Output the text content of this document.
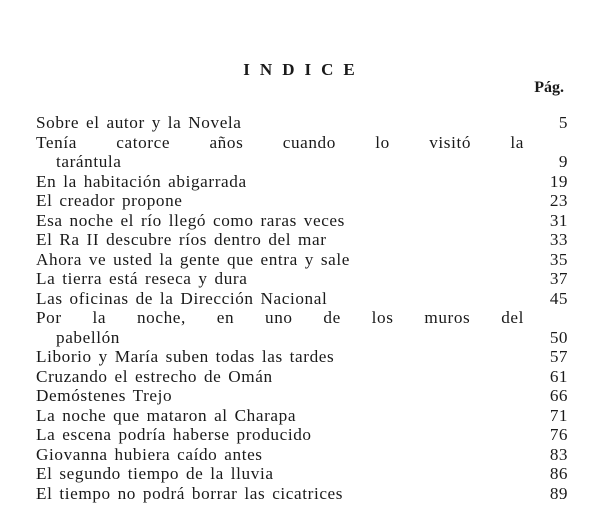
INDICE
Pág.
Sobre el autor y la Novela	5
Tenía catorce años cuando lo visitó la
tarántula	9
En la habitación abigarrada	19
El creador propone	23
Esa noche el río llegó como raras veces	31
El Ra II descubre ríos dentro del mar	33
Ahora ve usted la gente que entra y sale	35
La tierra está reseca y dura	37
Las oficinas de la Dirección Nacional	45
Por la noche, en uno de los muros del
pabellón	50
Liborio y María suben todas las tardes	57
Cruzando el estrecho de Omán	61
Demóstenes Trejo	66
La noche que mataron al Charapa	71
La escena podría haberse producido	76
Giovanna hubiera caído antes	83
El segundo tiempo de la lluvia	86
El tiempo no podrá borrar las cicatrices	89
